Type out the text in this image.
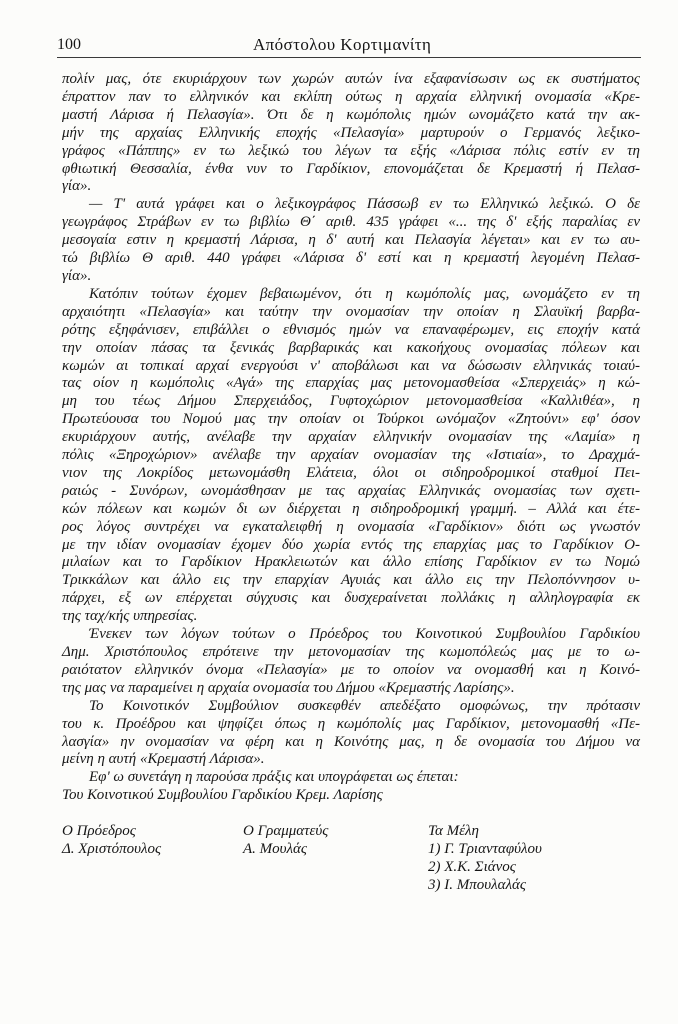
100	Απόστολου Κορτιμανίτη
πολίν μας, ότε εκυριάρχουν των χωρών αυτών ίνα εξαφανίσωσιν ως εκ συστήματος
έπραττον παν το ελληνικόν και εκλίπη ούτως η αρχαία ελληνική ονομασία «Κρε-
μαστή Λάρισα ή Πελασγία». Ότι δε η κωμόπολις ημών ωνομάζετο κατά την ακ-
μήν της αρχαίας Ελληνικής εποχής «Πελασγία» μαρτυρούν ο Γερμανός λεξικο-
γράφος «Πάππης» εν τω λεξικώ του λέγων τα εξής «Λάρισα πόλις εστίν εν τη
φθιωτική Θεσσαλία, ένθα νυν το Γαρδίκιον, επονομάζεται δε Κρεμαστή ή Πελασ-
γία».
— Τ' αυτά γράφει και ο λεξικογράφος Πάσσωβ εν τω Ελληνικώ λεξικώ. Ο δε
γεωγράφος Στράβων εν τω βιβλίω Θ΄ αριθ. 435 γράφει «... της δ' εξής παραλίας εν
μεσογαία εστιν η κρεμαστή Λάρισα, η δ' αυτή και Πελασγία λέγεται» και εν τω αυ-
τώ βιβλίω Θ αριθ. 440 γράφει «Λάρισα δ' εστί και η κρεμαστή λεγομένη Πελασ-
γία».
Κατόπιν τούτων έχομεν βεβαιωμένον, ότι η κωμόπολίς μας, ωνομάζετο εν τη
αρχαιότητι «Πελασγία» και ταύτην την ονομασίαν την οποίαν η Σλαυϊκή βαρβα-
ρότης εξηφάνισεν, επιβάλλει ο εθνισμός ημών να επαναφέρωμεν, εις εποχήν κατά
την οποίαν πάσας τα ξενικάς βαρβαρικάς και κακοήχους ονομασίας πόλεων και
κωμών αι τοπικαί αρχαί ενεργούσι ν' αποβάλωσι και να δώσωσιν ελληνικάς τοιαύ-
τας οίον η κωμόπολις «Αγά» της επαρχίας μας μετονομασθείσα «Σπερχειάς» η κώ-
μη του τέως Δήμου Σπερχειάδος, Γυφτοχώριον μετονομασθείσα «Καλλιθέα», η
Πρωτεύουσα του Νομού μας την οποίαν οι Τούρκοι ωνόμαζον «Ζητούνι» εφ' όσον
εκυριάρχουν αυτής, ανέλαβε την αρχαίαν ελληνικήν ονομασίαν της «Λαμία» η
πόλις «Ξηροχώριον» ανέλαβε την αρχαίαν ονομασίαν της «Ιστιαία», το Δραχμά-
νιον της Λοκρίδος μετωνομάσθη Ελάτεια, όλοι οι σιδηροδρομικοί σταθμοί Πει-
ραιώς - Συνόρων, ωνομάσθησαν με τας αρχαίας Ελληνικάς ονομασίας των σχετι-
κών πόλεων και κωμών δι ων διέρχεται η σιδηροδρομική γραμμή. – Αλλά και έτε-
ρος λόγος συντρέχει να εγκαταλειφθή η ονομασία «Γαρδίκιον» διότι ως γνωστόν
με την ιδίαν ονομασίαν έχομεν δύο χωρία εντός της επαρχίας μας το Γαρδίκιον Ο-
μιλαίων και το Γαρδίκιον Ηρακλειωτών και άλλο επίσης Γαρδίκιον εν τω Νομώ
Τρικκάλων και άλλο εις την επαρχίαν Αγυιάς και άλλο εις την Πελοπόννησον υ-
πάρχει, εξ ων επέρχεται σύγχυσις και δυσχεραίνεται πολλάκις η αλληλογραφία εκ
της ταχ/κής υπηρεσίας.
Ένεκεν των λόγων τούτων ο Πρόεδρος του Κοινοτικού Συμβουλίου Γαρδικίου
Δημ. Χριστόπουλος επρότεινε την μετονομασίαν της κωμοπόλεώς μας με το ω-
ραιότατον ελληνικόν όνομα «Πελασγία» με το οποίον να ονομασθή και η Κοινό-
της μας να παραμείνει η αρχαία ονομασία του Δήμου «Κρεμαστής Λαρίσης».
Το Κοινοτικόν Συμβούλιον συσκεφθέν απεδέξατο ομοφώνως, την πρότασιν
του κ. Προέδρου και ψηφίζει όπως η κωμόπολίς μας Γαρδίκιον, μετονομασθή «Πε-
λασγία» ην ονομασίαν να φέρη και η Κοινότης μας, η δε ονομασία του Δήμου να
μείνη η αυτή «Κρεμαστή Λάρισα».
Εφ' ω συνετάγη η παρούσα πράξις και υπογράφεται ως έπεται:
Του Κοινοτικού Συμβουλίου Γαρδικίου Κρεμ. Λαρίσης
Ο Πρόεδρος
Δ. Χριστόπουλος
Ο Γραμματεύς
Α. Μουλάς
Τα Μέλη
1) Γ. Τριανταφύλου
2) Χ.Κ. Σιάνος
3) Ι. Μπουλαλάς
